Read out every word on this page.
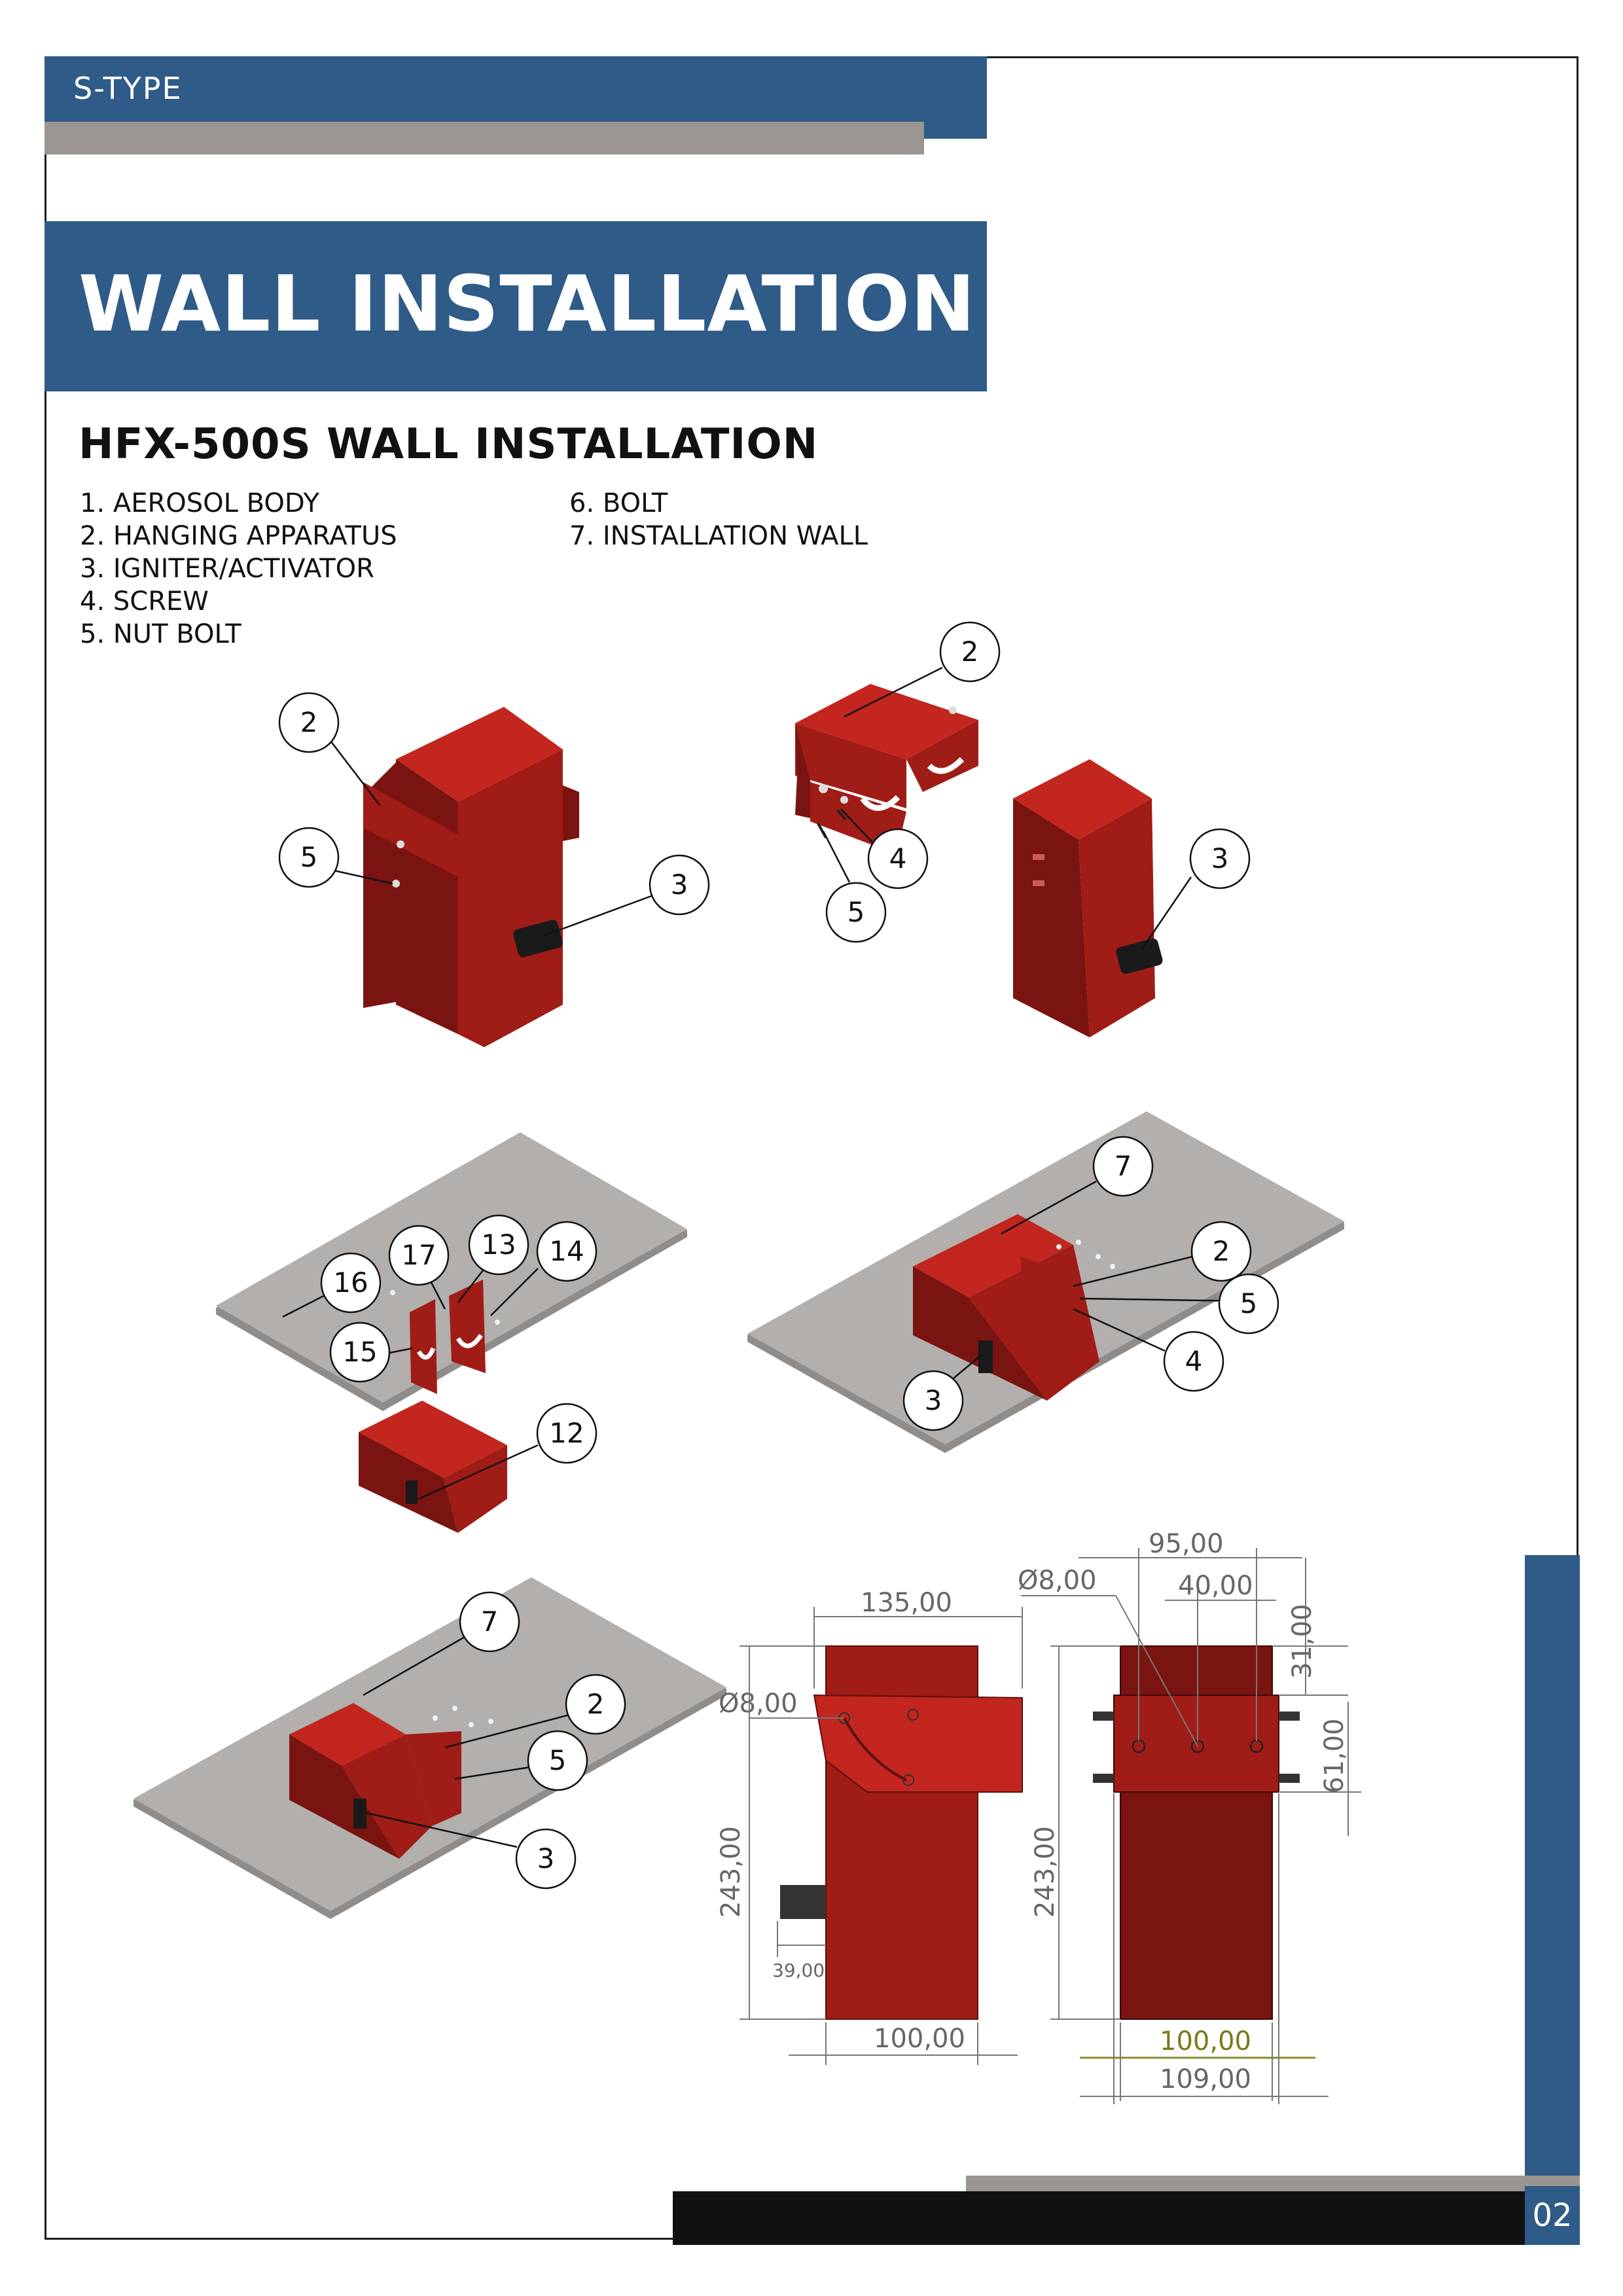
S-TYPE
WALL INSTALLATION
HFX-500S WALL INSTALLATION
1. AEROSOL BODY
2. HANGING APPARATUS
3. IGNITER/ACTIVATOR
4. SCREW
5. NUT BOLT
6. BOLT
7. INSTALLATION WALL
2
5
3
2
4
5
3
16
17 13 14
15
12
7
2
5
4
3
7
2
5
3
135,00
Ø8,00
243,00
39,00
100,00
95,00
Ø8,00	40,00
31,00
61,00
243,00
100,00
109,00
02
